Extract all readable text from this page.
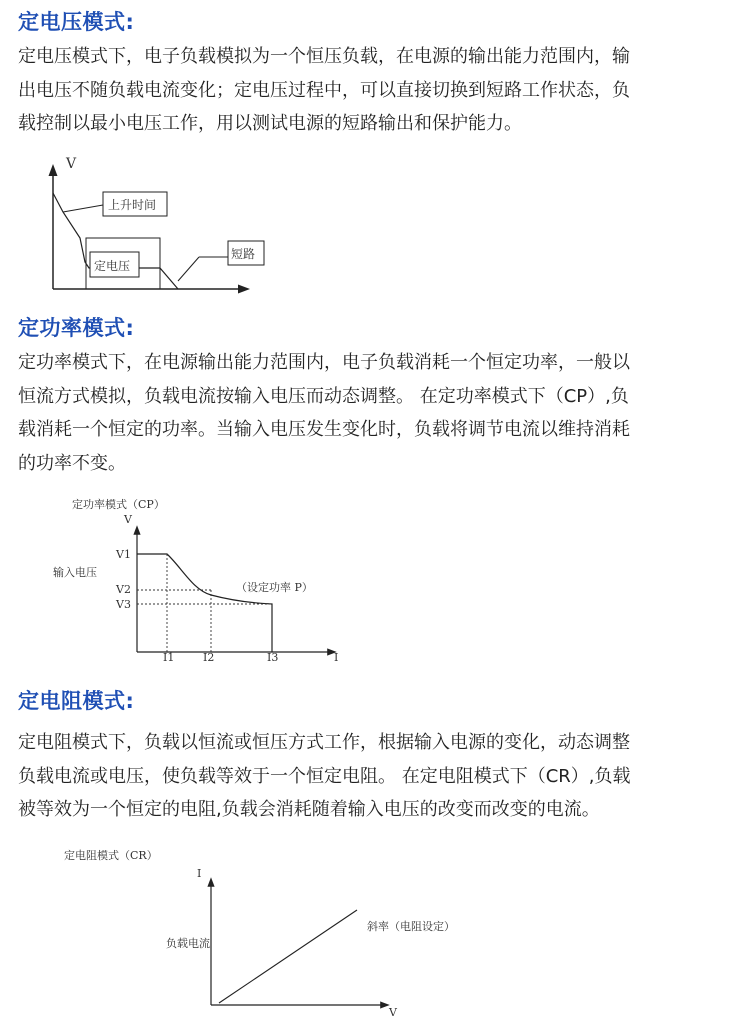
定电压模式:
定电压模式下，电子负载模拟为一个恒压负载，在电源的输出能力范围内，输
出电压不随负载电流变化；定电压过程中，可以直接切换到短路工作状态，负
载控制以最小电压工作，用以测试电源的短路输出和保护能力。
V
上升时间
定电压
短路
定功率模式:
定功率模式下，在电源输出能力范围内，电子负载消耗一个恒定功率，一般以
恒流方式模拟，负载电流按输入电压而动态调整。 在定功率模式下（CP）,负
载消耗一个恒定的功率。当输入电压发生变化时，负载将调节电流以维持消耗
的功率不变。
定功率模式（CP）
V
I
输入电压
V1
V2
V3
（设定功率 P）
I1	I2	I3
定电阻模式:
定电阻模式下，负载以恒流或恒压方式工作，根据输入电源的变化，动态调整
负载电流或电压，使负载等效于一个恒定电阻。 在定电阻模式下（CR）,负载
被等效为一个恒定的电阻,负载会消耗随着输入电压的改变而改变的电流。
定电阻模式（CR）
I
V
负载电流
斜率（电阻设定）
